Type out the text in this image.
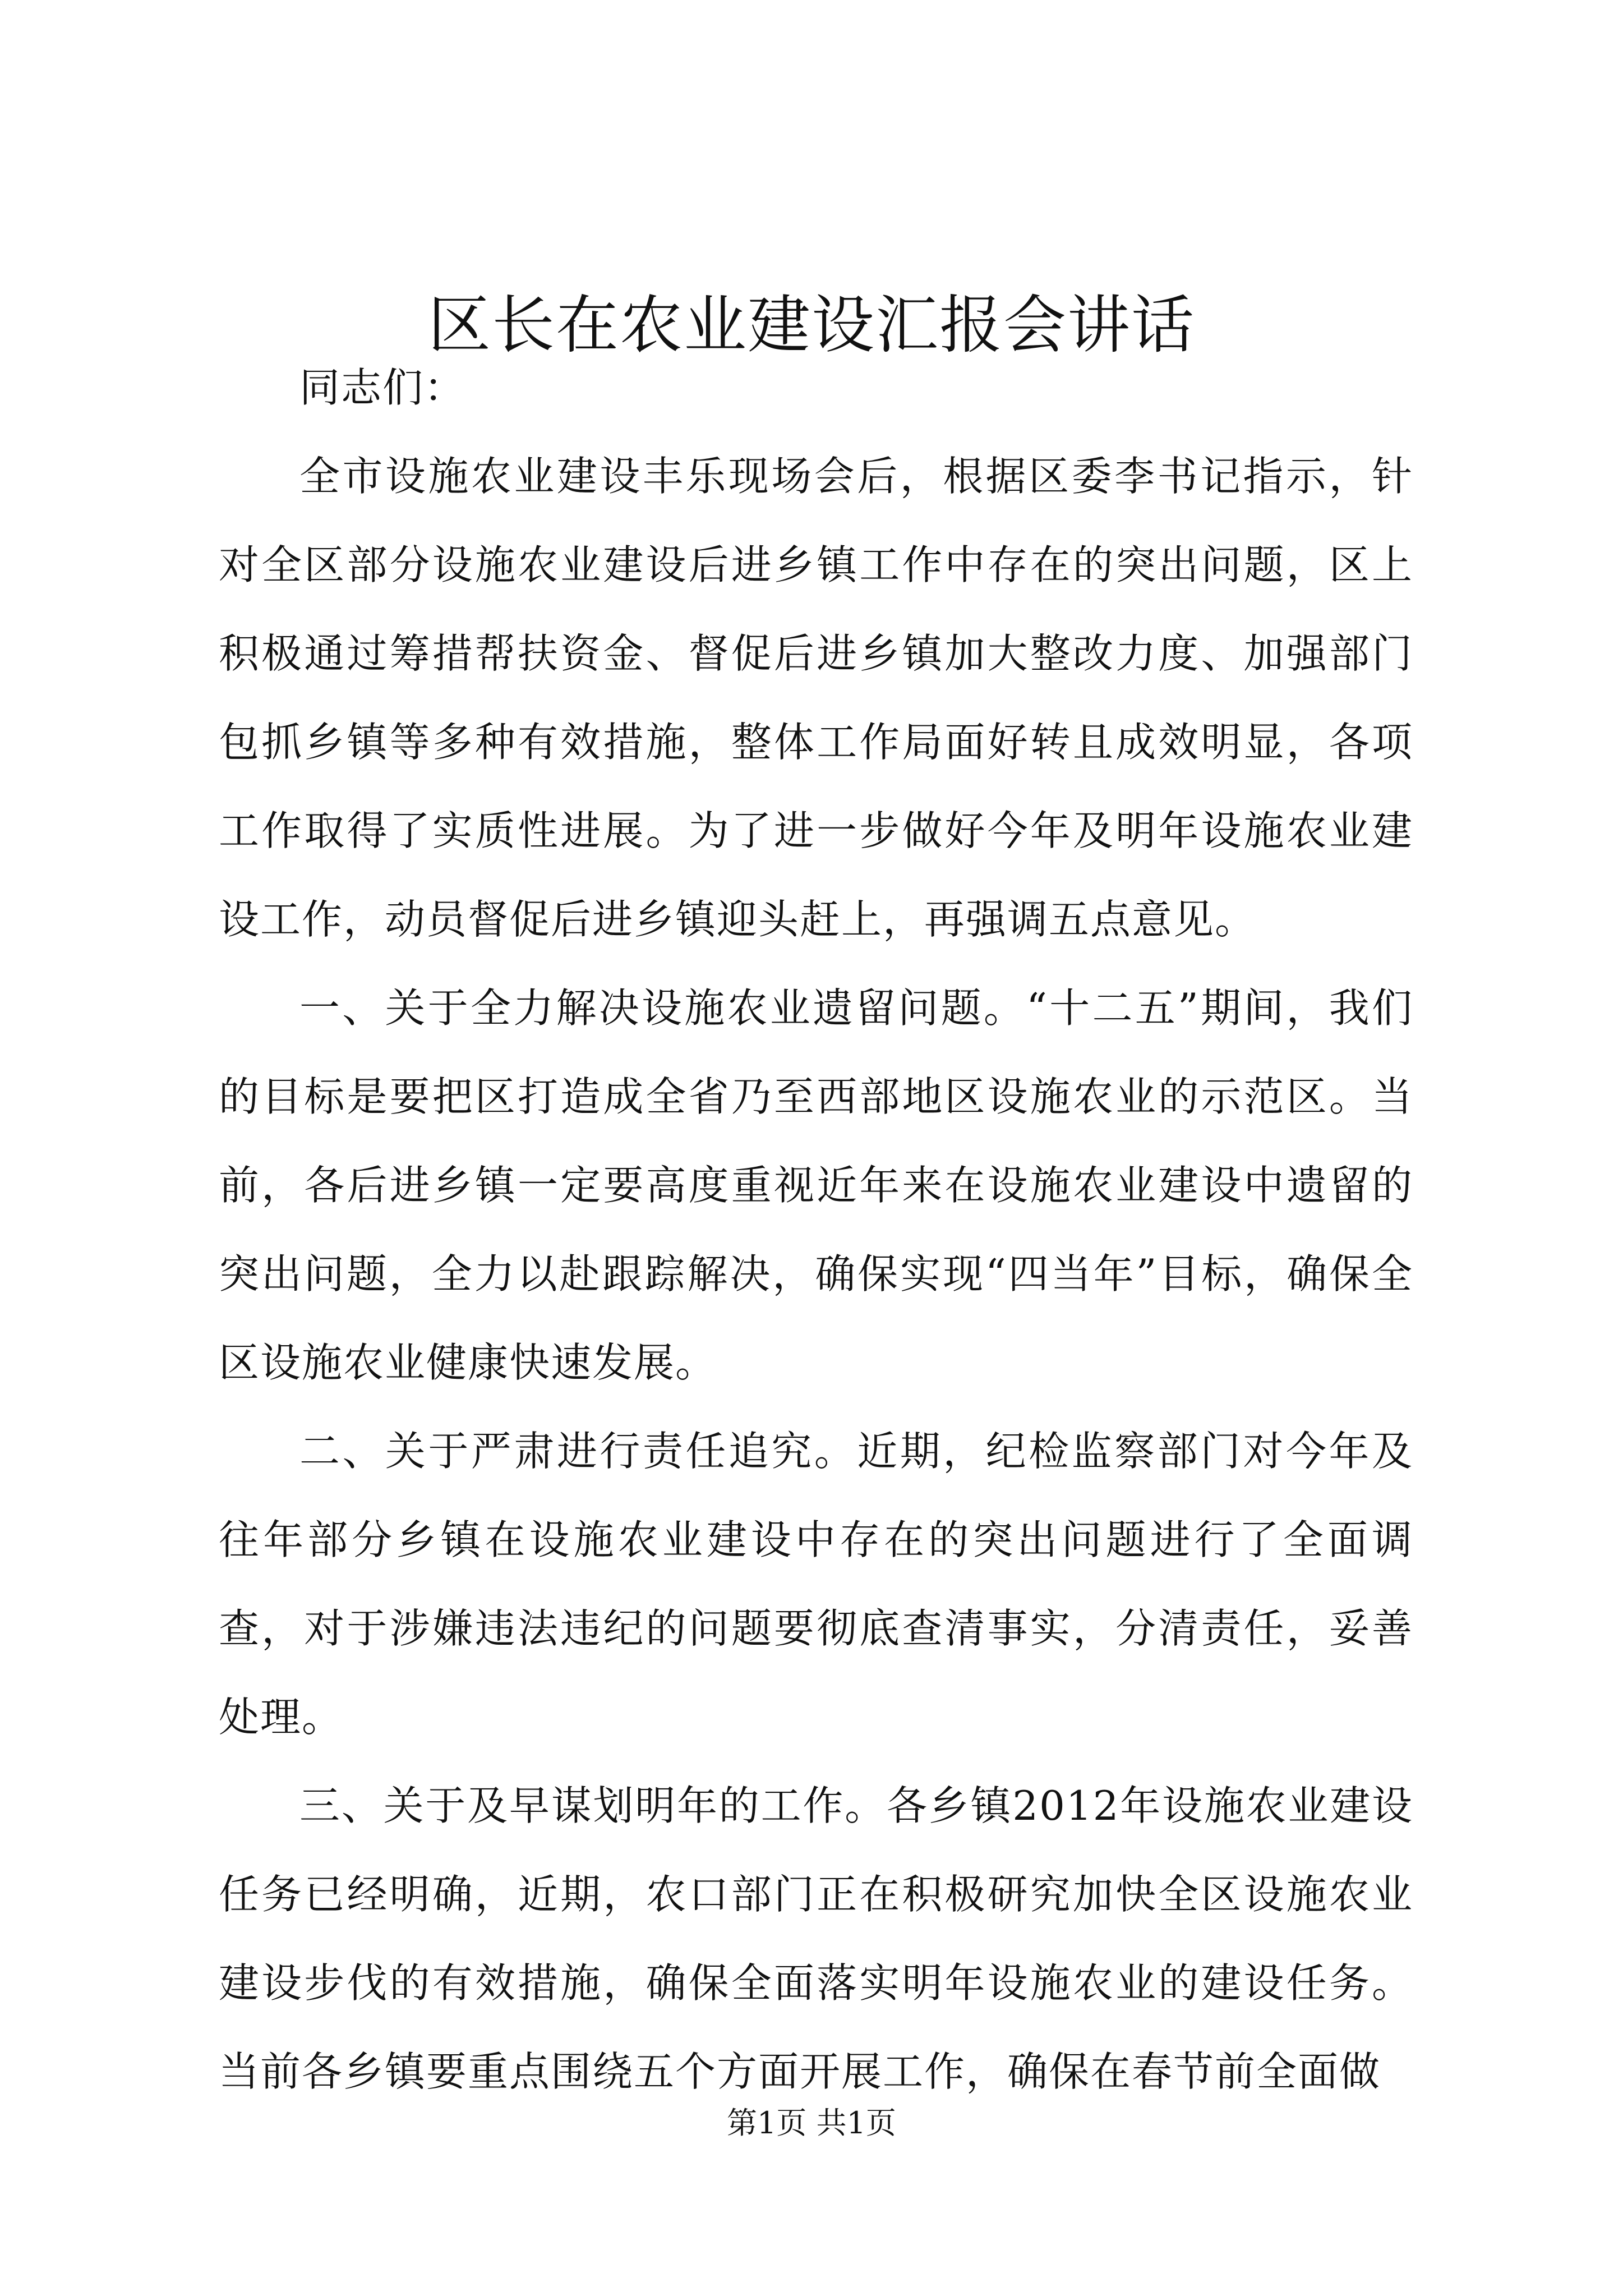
区长在农业建设汇报会讲话

同志们：

全市设施农业建设丰乐现场会后，根据区委李书记指示，针对全区部分设施农业建设后进乡镇工作中存在的突出问题，区上积极通过筹措帮扶资金、督促后进乡镇加大整改力度、加强部门包抓乡镇等多种有效措施，整体工作局面好转且成效明显，各项工作取得了实质性进展。为了进一步做好今年及明年设施农业建设工作，动员督促后进乡镇迎头赶上，再强调五点意见。

一、关于全力解决设施农业遗留问题。“十二五”期间，我们的目标是要把区打造成全省乃至西部地区设施农业的示范区。当前，各后进乡镇一定要高度重视近年来在设施农业建设中遗留的突出问题，全力以赴跟踪解决，确保实现“四当年”目标，确保全区设施农业健康快速发展。

二、关于严肃进行责任追究。近期，纪检监察部门对今年及往年部分乡镇在设施农业建设中存在的突出问题进行了全面调查，对于涉嫌违法违纪的问题要彻底查清事实，分清责任，妥善处理。

三、关于及早谋划明年的工作。各乡镇2012年设施农业建设任务已经明确，近期，农口部门正在积极研究加快全区设施农业建设步伐的有效措施，确保全面落实明年设施农业的建设任务。当前各乡镇要重点围绕五个方面开展工作，确保在春节前全面做

第1页 共1页
